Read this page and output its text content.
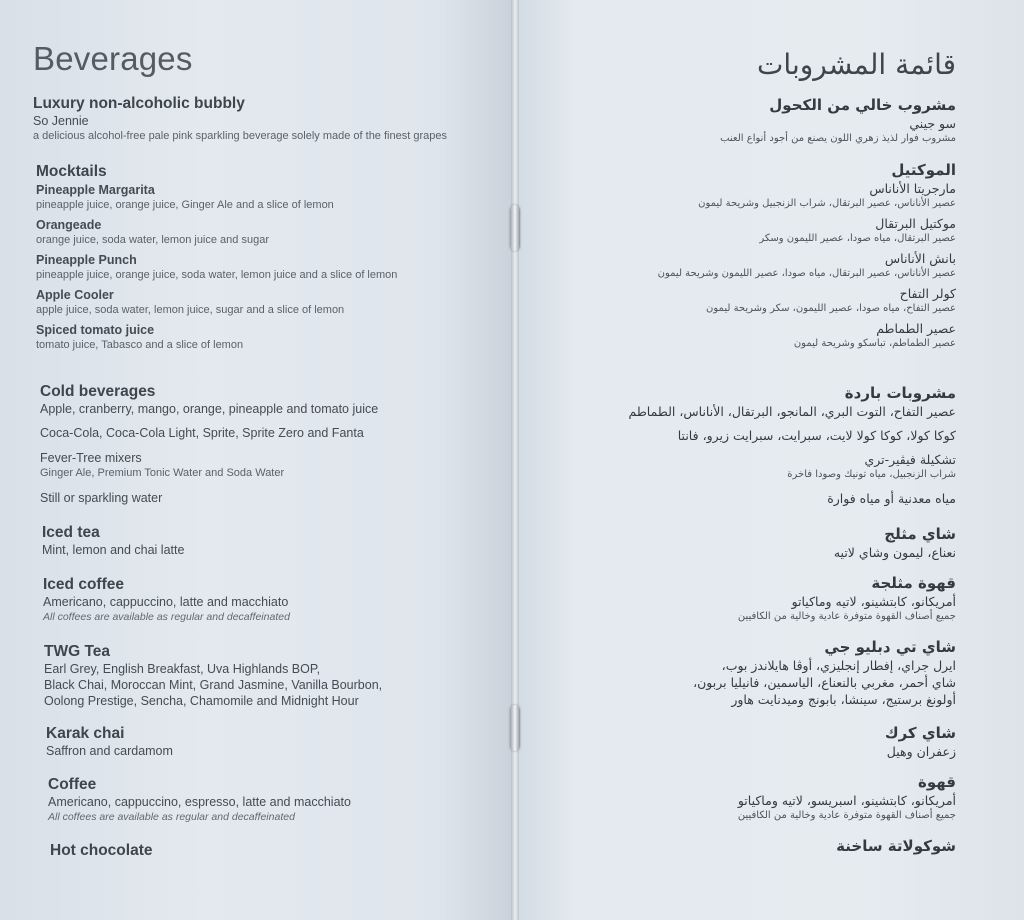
Beverages
Luxury non-alcoholic bubbly
So Jennie
a delicious alcohol-free pale pink sparkling beverage solely made of the finest grapes
Mocktails
Pineapple Margarita
pineapple juice, orange juice, Ginger Ale and a slice of lemon
Orangeade
orange juice, soda water, lemon juice and sugar
Pineapple Punch
pineapple juice, orange juice, soda water, lemon juice and a slice of lemon
Apple Cooler
apple juice, soda water, lemon juice, sugar and a slice of lemon
Spiced tomato juice
tomato juice, Tabasco and a slice of lemon
Cold beverages
Apple, cranberry, mango, orange, pineapple and tomato juice
Coca-Cola, Coca-Cola Light, Sprite, Sprite Zero and Fanta
Fever-Tree mixers
Ginger Ale, Premium Tonic Water and Soda Water
Still or sparkling water
Iced tea
Mint, lemon and chai latte
Iced coffee
Americano, cappuccino, latte and macchiato
All coffees are available as regular and decaffeinated
TWG Tea
Earl Grey, English Breakfast, Uva Highlands BOP,
Black Chai, Moroccan Mint, Grand Jasmine, Vanilla Bourbon,
Oolong Prestige, Sencha, Chamomile and Midnight Hour
Karak chai
Saffron and cardamom
Coffee
Americano, cappuccino, espresso, latte and macchiato
All coffees are available as regular and decaffeinated
Hot chocolate
قائمة المشروبات
مشروب خالي من الكحول
سو جيني
مشروب فوار لذيذ زهري اللون يصنع من أجود أنواع العنب
الموكتيل
مارجريتا الأناناس
عصير الأناناس، عصير البرتقال، شراب الزنجبيل وشريحة ليمون
موكتيل البرتقال
عصير البرتقال، مياه صودا، عصير الليمون وسكر
بانش الأناناس
عصير الأناناس، عصير البرتقال، مياه صودا، عصير الليمون وشريحة ليمون
كولر التفاح
عصير التفاح، مياه صودا، عصير الليمون، سكر وشريحة ليمون
عصير الطماطم
عصير الطماطم، تباسكو وشريحة ليمون
مشروبات باردة
عصير التفاح، التوت البري، المانجو، البرتقال، الأناناس، الطماطم
كوكا كولا، كوكا كولا لايت، سبرايت، سبرايت زيرو، فانتا
تشكيلة فيڤير-تري
شراب الزنجبيل، مياه تونيك وصودا فاخرة
مياه معدنية أو مياه فوارة
شاي مثلج
نعناع، ليمون وشاي لاتيه
قهوة مثلجة
أمريكانو، كابتشينو، لاتيه وماكياتو
جميع أصناف القهوة متوفرة عادية وخالية من الكافيين
شاي تي دبليو جي
ايرل جراي، إفطار إنجليزي، أوڤا هايلاندز بوب،
شاي أحمر، مغربي بالنعناع، الياسمين، فانيليا بربون،
أولونغ برستيج، سينشا، بابونج وميدنايت هاور
شاي كرك
زعفران وهيل
قهوة
أمريكانو، كابتشينو، اسبريسو، لاتيه وماكياتو
جميع أصناف القهوة متوفرة عادية وخالية من الكافيين
شوكولاتة ساخنة
